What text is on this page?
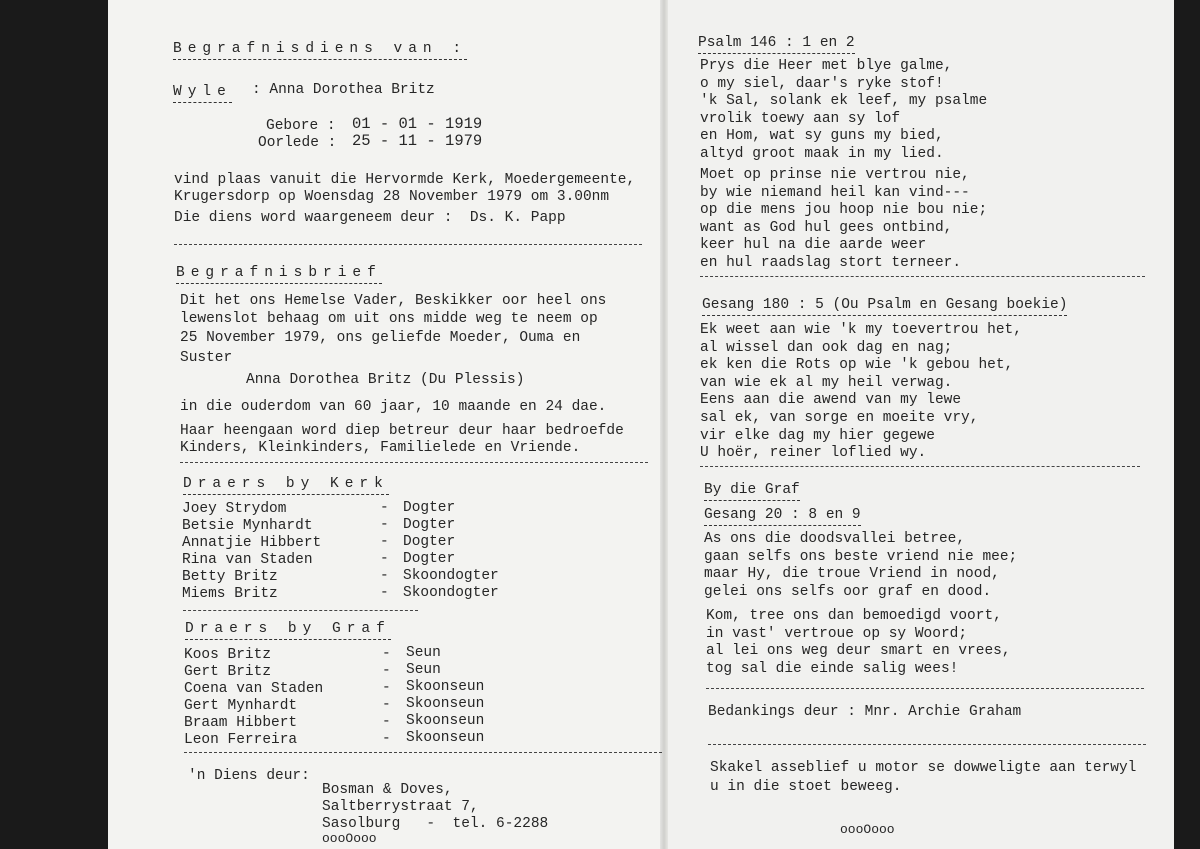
Begrafnisdiens van :
Wyle : Anna Dorothea Britz
Gebore : 01 - 01 - 1919
Oorlede : 25 - 11 - 1979
vind plaas vanuit die Hervormde Kerk, Moedergemeente,
Krugersdorp op Woensdag 28 November 1979 om 3.00nm
Die diens word waargeneem deur :  Ds. K. Papp
Begrafnisbrief
Dit het ons Hemelse Vader, Beskikker oor heel ons
lewenslot behaag om uit ons midde weg te neem op
25 November 1979, ons geliefde Moeder, Ouma en
Suster
Anna Dorothea Britz (Du Plessis)
in die ouderdom van 60 jaar, 10 maande en 24 dae.
Haar heengaan word diep betreur deur haar bedroefde
Kinders, Kleinkinders, Familielede en Vriende.
Draers by Kerk
Joey Strydom
Betsie Mynhardt
Annatjie Hibbert
Rina van Staden
Betty Britz
Miems Britz
-
-
-
-
-
-
Dogter
Dogter
Dogter
Dogter
Skoondogter
Skoondogter
Draers by Graf
Koos Britz
Gert Britz
Coena van Staden
Gert Mynhardt
Braam Hibbert
Leon Ferreira
-
-
-
-
-
-
Seun
Seun
Skoonseun
Skoonseun
Skoonseun
Skoonseun
'n Diens deur:
Bosman & Doves,
Saltberrystraat 7,
Sasolburg   -  tel. 6-2288
oooOooo
Psalm 146 : 1 en 2
Prys die Heer met blye galme,
o my siel, daar's ryke stof!
'k Sal, solank ek leef, my psalme
vrolik toewy aan sy lof
en Hom, wat sy guns my bied,
altyd groot maak in my lied.
Moet op prinse nie vertrou nie,
by wie niemand heil kan vind---
op die mens jou hoop nie bou nie;
want as God hul gees ontbind,
keer hul na die aarde weer
en hul raadslag stort terneer.
Gesang 180 : 5 (Ou Psalm en Gesang boekie)
Ek weet aan wie 'k my toevertrou het,
al wissel dan ook dag en nag;
ek ken die Rots op wie 'k gebou het,
van wie ek al my heil verwag.
Eens aan die awend van my lewe
sal ek, van sorge en moeite vry,
vir elke dag my hier gegewe
U hoër, reiner loflied wy.
By die Graf
Gesang 20 : 8 en 9
As ons die doodsvallei betree,
gaan selfs ons beste vriend nie mee;
maar Hy, die troue Vriend in nood,
gelei ons selfs oor graf en dood.
Kom, tree ons dan bemoedigd voort,
in vast' vertroue op sy Woord;
al lei ons weg deur smart en vrees,
tog sal die einde salig wees!
Bedankings deur : Mnr. Archie Graham
Skakel asseblief u motor se dowweligte aan terwyl
u in die stoet beweeg.
oooOooo
